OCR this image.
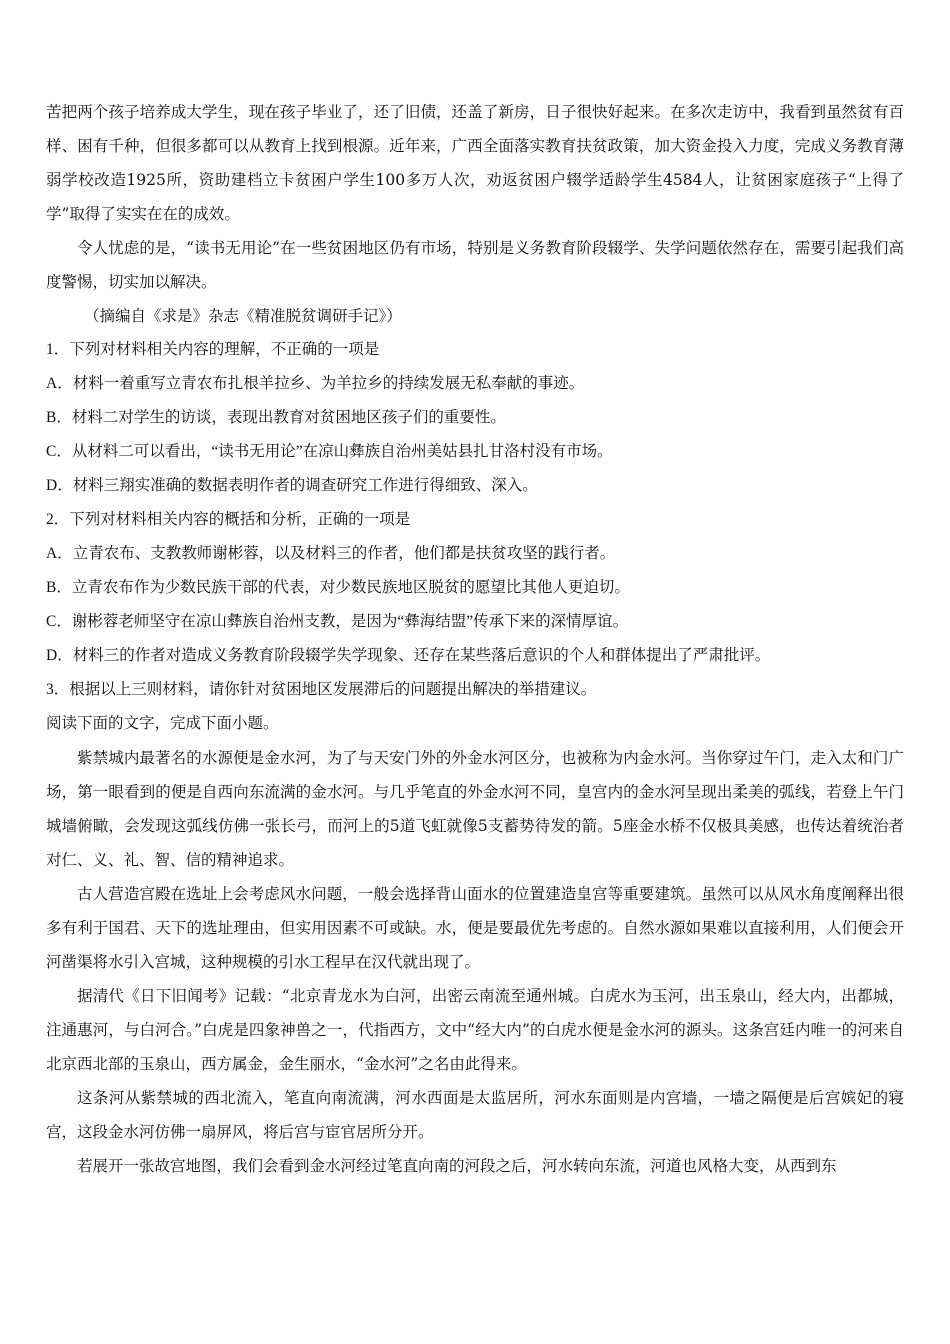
苦把两个孩子培养成大学生，现在孩子毕业了，还了旧债，还盖了新房，日子很快好起来。在多次走访中，我看到虽然贫有百样、困有千种，但很多都可以从教育上找到根源。近年来，广西全面落实教育扶贫政策，加大资金投入力度，完成义务教育薄弱学校改造1925所，资助建档立卡贫困户学生100多万人次，劝返贫困户辍学适龄学生4584人，让贫困家庭孩子“上得了学”取得了实实在在的成效。

令人忧虑的是，“读书无用论”在一些贫困地区仍有市场，特别是义务教育阶段辍学、失学问题依然存在，需要引起我们高度警惕，切实加以解决。

（摘编自《求是》杂志《精准脱贫调研手记》）

1．下列对材料相关内容的理解，不正确的一项是

A．材料一着重写立青农布扎根羊拉乡、为羊拉乡的持续发展无私奉献的事迹。

B．材料二对学生的访谈，表现出教育对贫困地区孩子们的重要性。

C．从材料二可以看出，“读书无用论”在凉山彝族自治州美姑县扎甘洛村没有市场。

D．材料三翔实准确的数据表明作者的调查研究工作进行得细致、深入。

2．下列对材料相关内容的概括和分析，正确的一项是

A．立青农布、支教教师谢彬蓉，以及材料三的作者，他们都是扶贫攻坚的践行者。

B．立青农布作为少数民族干部的代表，对少数民族地区脱贫的愿望比其他人更迫切。

C．谢彬蓉老师坚守在凉山彝族自治州支教，是因为“彝海结盟”传承下来的深情厚谊。

D．材料三的作者对造成义务教育阶段辍学失学现象、还存在某些落后意识的个人和群体提出了严肃批评。

3．根据以上三则材料，请你针对贫困地区发展滞后的问题提出解决的举措建议。

阅读下面的文字，完成下面小题。

紫禁城内最著名的水源便是金水河，为了与天安门外的外金水河区分，也被称为内金水河。当你穿过午门，走入太和门广场，第一眼看到的便是自西向东流满的金水河。与几乎笔直的外金水河不同，皇宫内的金水河呈现出柔美的弧线，若登上午门城墙俯瞰，会发现这弧线仿佛一张长弓，而河上的5道飞虹就像5支蓄势待发的箭。5座金水桥不仅极具美感，也传达着统治者对仁、义、礼、智、信的精神追求。

古人营造宫殿在选址上会考虑风水问题，一般会选择背山面水的位置建造皇宫等重要建筑。虽然可以从风水角度阐释出很多有利于国君、天下的选址理由，但实用因素不可或缺。水，便是要最优先考虑的。自然水源如果难以直接利用，人们便会开河凿渠将水引入宫城，这种规模的引水工程早在汉代就出现了。

据清代《日下旧闻考》记载：“北京青龙水为白河，出密云南流至通州城。白虎水为玉河，出玉泉山，经大内，出都城，注通惠河，与白河合。”白虎是四象神兽之一，代指西方，文中“经大内”的白虎水便是金水河的源头。这条宫廷内唯一的河来自北京西北部的玉泉山，西方属金，金生丽水，“金水河”之名由此得来。

这条河从紫禁城的西北流入，笔直向南流满，河水西面是太监居所，河水东面则是内宫墙，一墙之隔便是后宫嫔妃的寝宫，这段金水河仿佛一扇屏风，将后宫与宦官居所分开。

若展开一张故宫地图，我们会看到金水河经过笔直向南的河段之后，河水转向东流，河道也风格大变，从西到东
